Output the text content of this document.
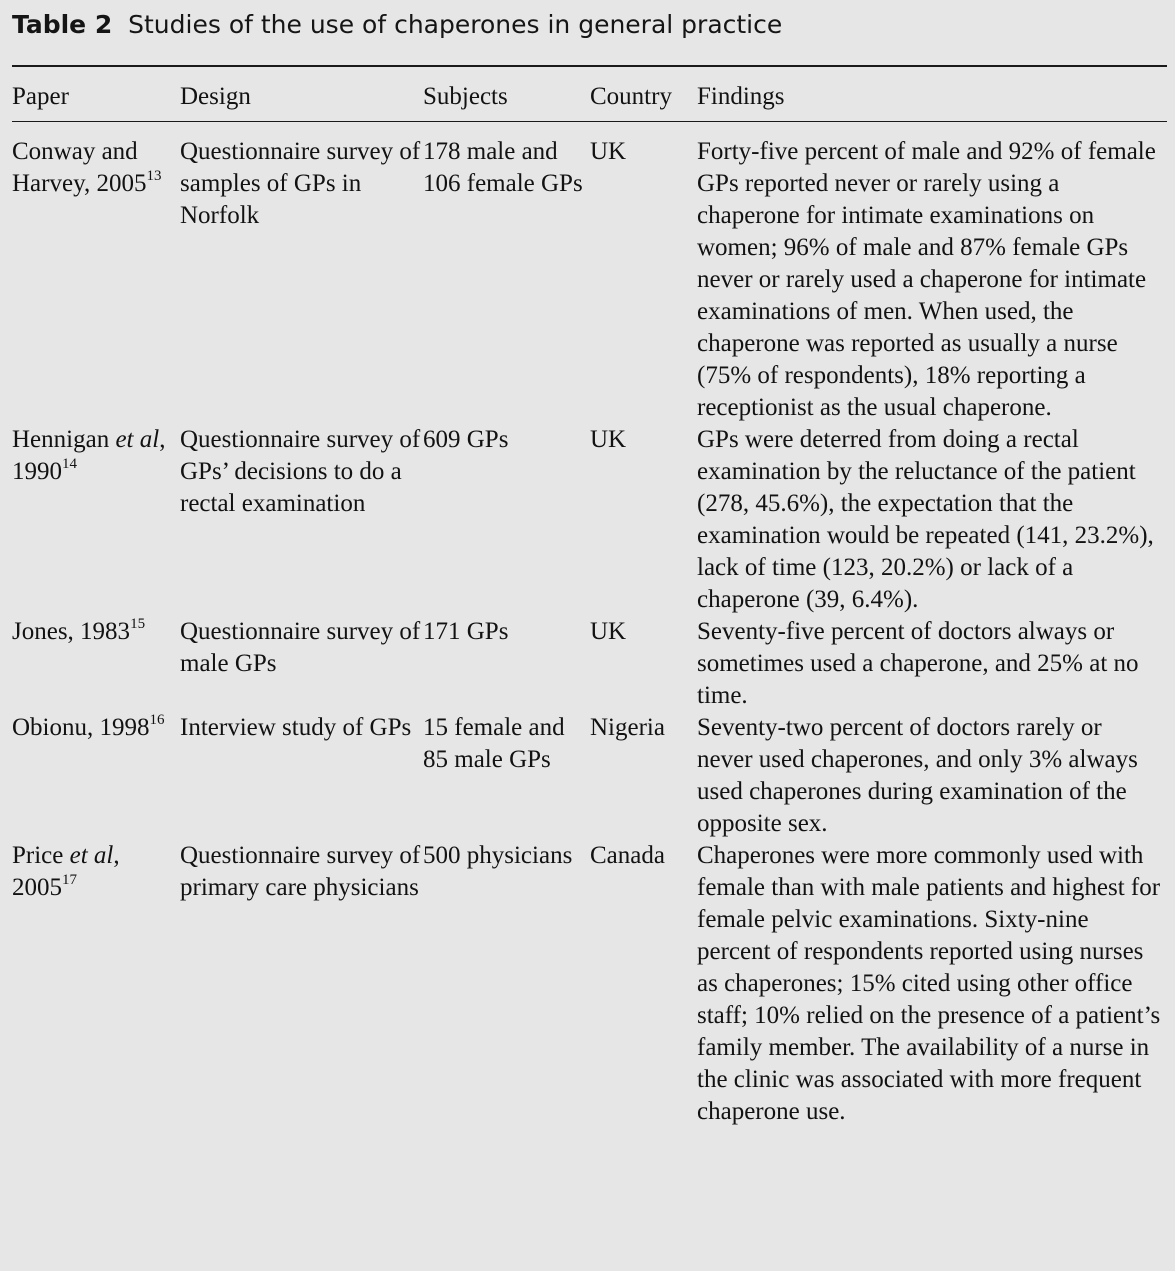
Table 2 Studies of the use of chaperones in general practice
Paper	Design	Subjects	Country	Findings
Conway and Harvey, 2005$^{13}$	Questionnaire survey of samples of GPs in Norfolk	178 male and 106 female GPs	UK	Forty-five percent of male and 92% of female GPs reported never or rarely using a chaperone for intimate examinations on women; 96% of male and 87% female GPs never or rarely used a chaperone for intimate examinations of men. When used, the chaperone was reported as usually a nurse (75% of respondents), 18% reporting a receptionist as the usual chaperone.
Hennigan et al, 1990$^{14}$	Questionnaire survey of GPs’ decisions to do a rectal examination	609 GPs	UK	GPs were deterred from doing a rectal examination by the reluctance of the patient (278, 45.6%), the expectation that the examination would be repeated (141, 23.2%), lack of time (123, 20.2%) or lack of a chaperone (39, 6.4%).
Jones, 1983$^{15}$	Questionnaire survey of male GPs	171 GPs	UK	Seventy-five percent of doctors always or sometimes used a chaperone, and 25% at no time.
Obionu, 1998$^{16}$	Interview study of GPs	15 female and 85 male GPs	Nigeria	Seventy-two percent of doctors rarely or never used chaperones, and only 3% always used chaperones during examination of the opposite sex.
Price et al, 2005$^{17}$	Questionnaire survey of primary care physicians	500 physicians	Canada	Chaperones were more commonly used with female than with male patients and highest for female pelvic examinations. Sixty-nine percent of respondents reported using nurses as chaperones; 15% cited using other office staff; 10% relied on the presence of a patient’s family member. The availability of a nurse in the clinic was associated with more frequent chaperone use.
